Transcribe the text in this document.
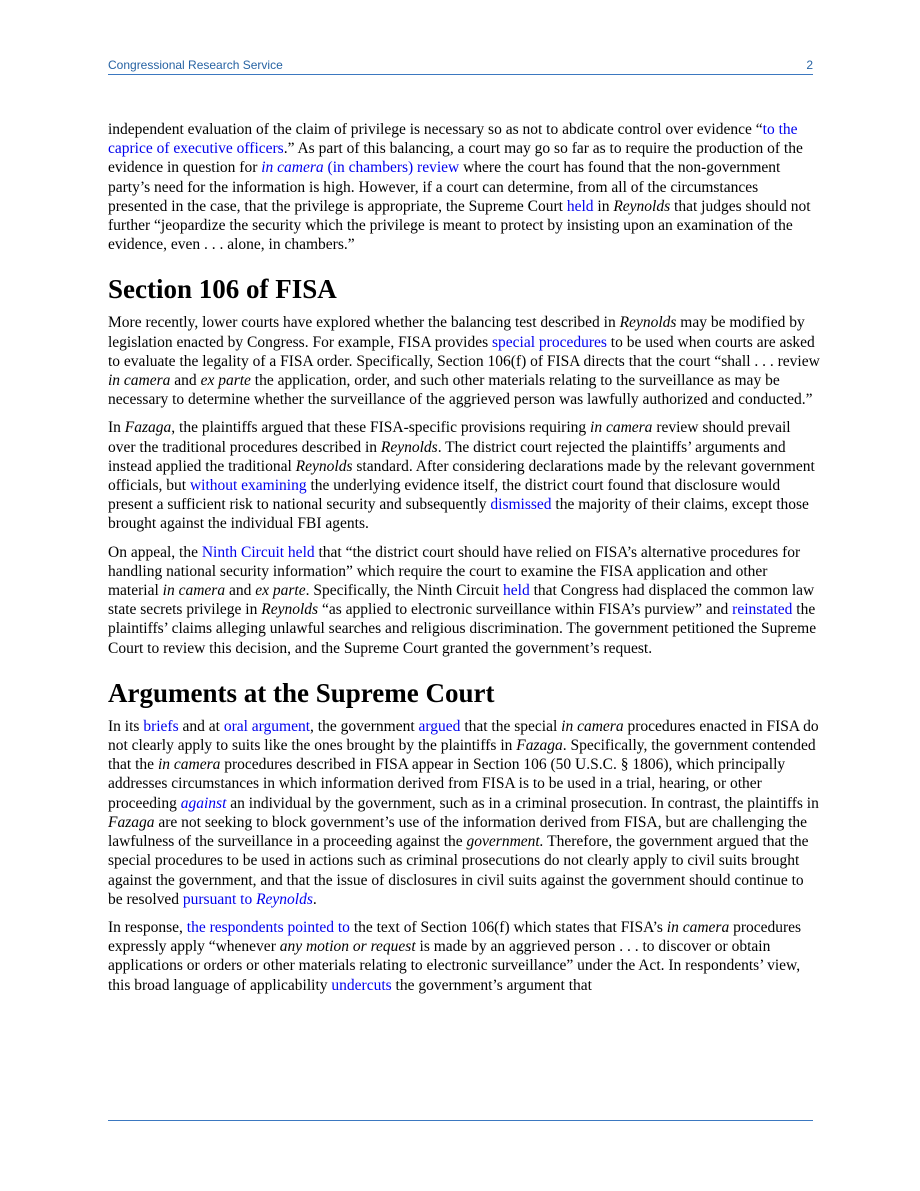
Congressional Research Service	2

independent evaluation of the claim of privilege is necessary so as not to abdicate control over evidence “to the caprice of executive officers.” As part of this balancing, a court may go so far as to require the production of the evidence in question for in camera (in chambers) review where the court has found that the non-government party’s need for the information is high. However, if a court can determine, from all of the circumstances presented in the case, that the privilege is appropriate, the Supreme Court held in Reynolds that judges should not further “jeopardize the security which the privilege is meant to protect by insisting upon an examination of the evidence, even . . . alone, in chambers.”

Section 106 of FISA

More recently, lower courts have explored whether the balancing test described in Reynolds may be modified by legislation enacted by Congress. For example, FISA provides special procedures to be used when courts are asked to evaluate the legality of a FISA order. Specifically, Section 106(f) of FISA directs that the court “shall . . . review in camera and ex parte the application, order, and such other materials relating to the surveillance as may be necessary to determine whether the surveillance of the aggrieved person was lawfully authorized and conducted.”

In Fazaga, the plaintiffs argued that these FISA-specific provisions requiring in camera review should prevail over the traditional procedures described in Reynolds. The district court rejected the plaintiffs’ arguments and instead applied the traditional Reynolds standard. After considering declarations made by the relevant government officials, but without examining the underlying evidence itself, the district court found that disclosure would present a sufficient risk to national security and subsequently dismissed the majority of their claims, except those brought against the individual FBI agents.

On appeal, the Ninth Circuit held that “the district court should have relied on FISA’s alternative procedures for handling national security information” which require the court to examine the FISA application and other material in camera and ex parte. Specifically, the Ninth Circuit held that Congress had displaced the common law state secrets privilege in Reynolds “as applied to electronic surveillance within FISA’s purview” and reinstated the plaintiffs’ claims alleging unlawful searches and religious discrimination. The government petitioned the Supreme Court to review this decision, and the Supreme Court granted the government’s request.

Arguments at the Supreme Court

In its briefs and at oral argument, the government argued that the special in camera procedures enacted in FISA do not clearly apply to suits like the ones brought by the plaintiffs in Fazaga. Specifically, the government contended that the in camera procedures described in FISA appear in Section 106 (50 U.S.C. § 1806), which principally addresses circumstances in which information derived from FISA is to be used in a trial, hearing, or other proceeding against an individual by the government, such as in a criminal prosecution. In contrast, the plaintiffs in Fazaga are not seeking to block government’s use of the information derived from FISA, but are challenging the lawfulness of the surveillance in a proceeding against the government. Therefore, the government argued that the special procedures to be used in actions such as criminal prosecutions do not clearly apply to civil suits brought against the government, and that the issue of disclosures in civil suits against the government should continue to be resolved pursuant to Reynolds.

In response, the respondents pointed to the text of Section 106(f) which states that FISA’s in camera procedures expressly apply “whenever any motion or request is made by an aggrieved person . . . to discover or obtain applications or orders or other materials relating to electronic surveillance” under the Act. In respondents’ view, this broad language of applicability undercuts the government’s argument that
